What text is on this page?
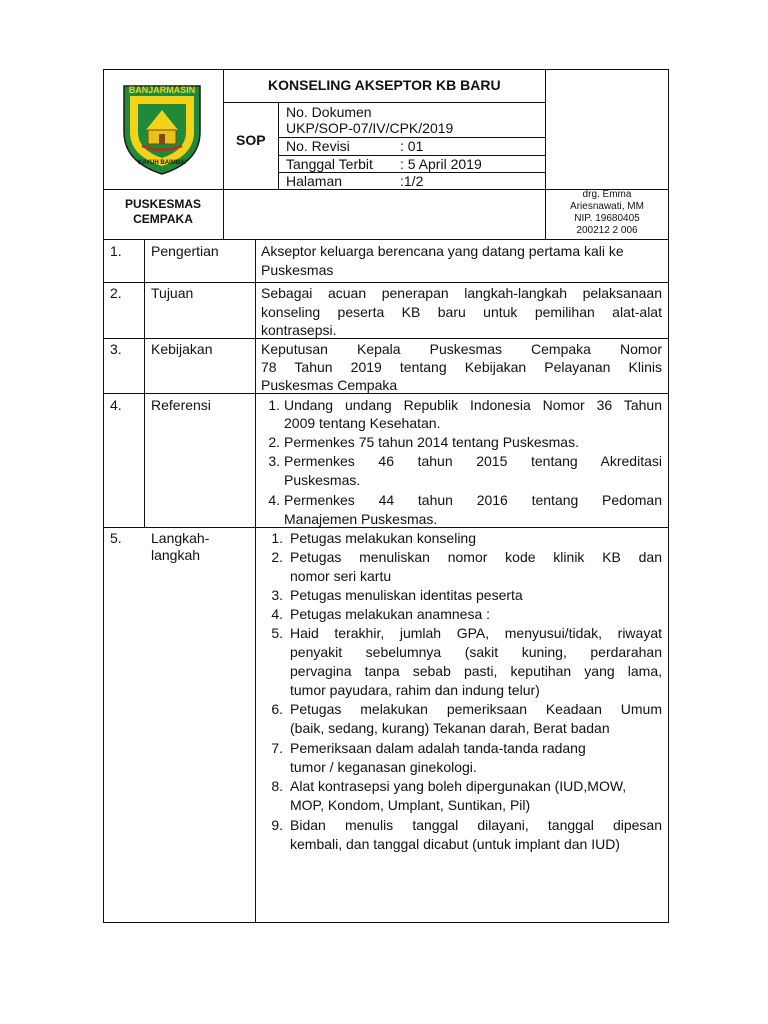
BANJARMASIN
KAYUH BAIMBAI
KONSELING AKSEPTOR KB BARU
SOP
No. Dokumen
UKP/SOP-07/IV/CPK/2019
No. Revisi	: 01
Tanggal Terbit : 5 April 2019
Halaman	:1/2
PUSKESMAS
CEMPAKA
drg. Emma
Ariesnawati, MM
NIP. 19680405
200212 2 006
1. Pengertian	Akseptor keluarga berencana yang datang pertama kali ke
Puskesmas
2. Tujuan	Sebagai acuan penerapan langkah-langkah pelaksanaan
konseling peserta KB baru untuk pemilihan alat-alat
kontrasepsi.
3. Kebijakan	Keputusan Kepala Puskesmas Cempaka Nomor
78 Tahun 2019 tentang Kebijakan Pelayanan Klinis
Puskesmas Cempaka
4. Referensi	1. Undang undang Republik Indonesia Nomor 36 Tahun
2009 tentang Kesehatan.
2. Permenkes 75 tahun 2014 tentang Puskesmas.
3. Permenkes 46 tahun 2015 tentang Akreditasi
Puskesmas.
4. Permenkes 44 tahun 2016 tentang Pedoman
Manajemen Puskesmas.
5. Langkah-
langkah
1. Petugas melakukan konseling
2. Petugas menuliskan nomor kode klinik KB dan
nomor seri kartu
3. Petugas menuliskan identitas peserta
4. Petugas melakukan anamnesa :
5. Haid terakhir, jumlah GPA, menyusui/tidak, riwayat
penyakit sebelumnya (sakit kuning, perdarahan
pervagina tanpa sebab pasti, keputihan yang lama,
tumor payudara, rahim dan indung telur)
6. Petugas melakukan pemeriksaan Keadaan Umum
(baik, sedang, kurang) Tekanan darah, Berat badan
7. Pemeriksaan dalam adalah tanda-tanda radang
tumor / keganasan ginekologi.
8. Alat kontrasepsi yang boleh dipergunakan (IUD,MOW,
MOP, Kondom, Umplant, Suntikan, Pil)
9. Bidan menulis tanggal dilayani, tanggal dipesan
kembali, dan tanggal dicabut (untuk implant dan IUD)
